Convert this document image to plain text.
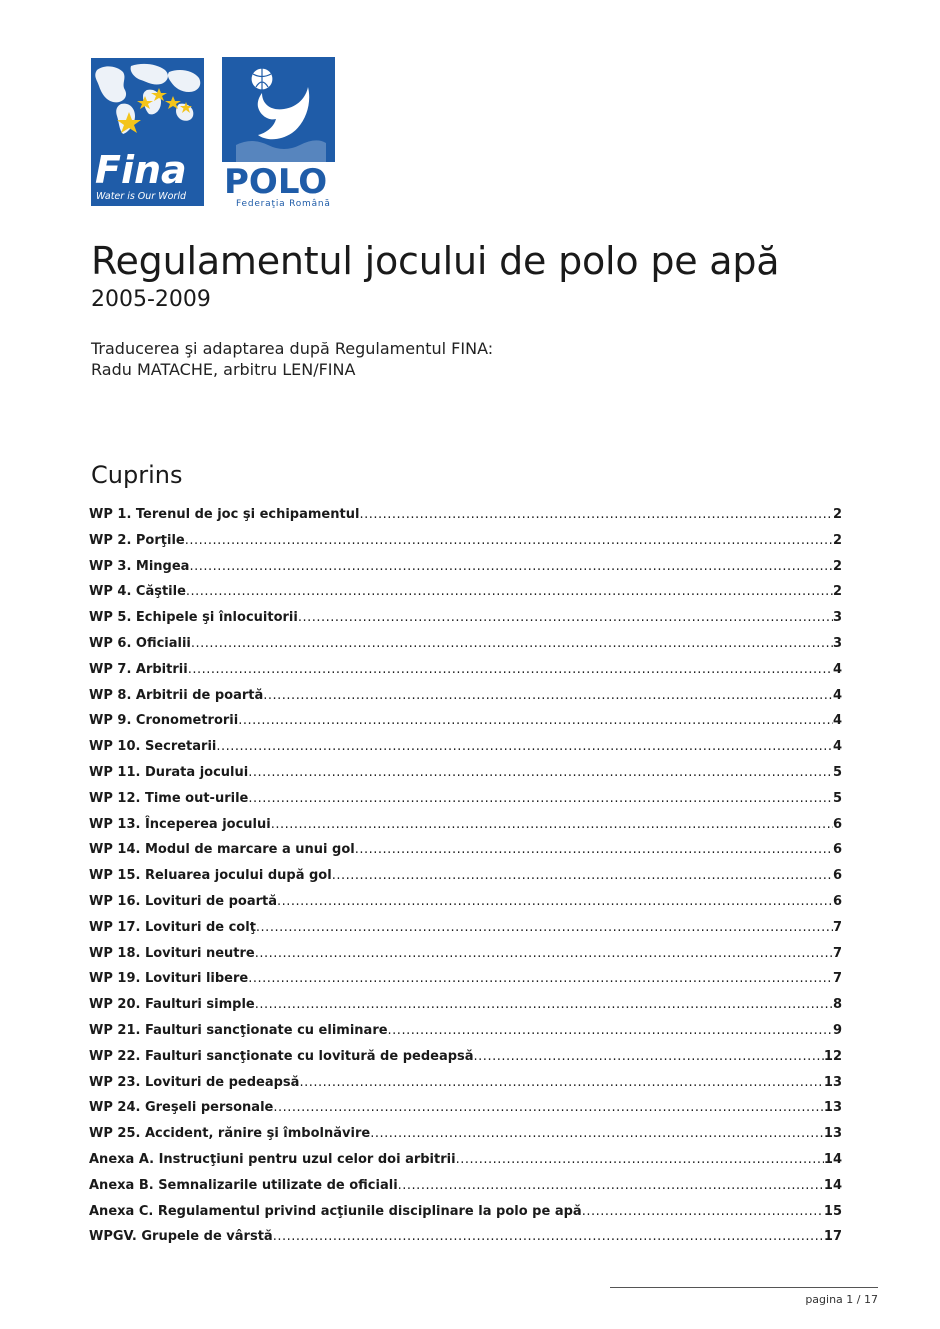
Fina
Water is Our World POLO
Federaţia Română
Regulamentul jocului de polo pe apă
2005-2009
Traducerea şi adaptarea după Regulamentul FINA:
Radu MATACHE, arbitru LEN/FINA
Cuprins
WP 1. Terenul de joc şi echipamentul .....	2
WP 2. Porţile .....	2
WP 3. Mingea .....	2
WP 4. Căştile .....	2
WP 5. Echipele şi înlocuitorii .....	3
WP 6. Oficialii .....	3
WP 7. Arbitrii .....	4
WP 8. Arbitrii de poartă .....	4
WP 9. Cronometrorii .....	4
WP 10. Secretarii .....	4
WP 11. Durata jocului .....	5
WP 12. Time out-urile .....	5
WP 13. Începerea jocului .....	6
WP 14. Modul de marcare a unui gol .....	6
WP 15. Reluarea jocului după gol .....	6
WP 16. Lovituri de poartă .....	6
WP 17. Lovituri de colţ .....	7
WP 18. Lovituri neutre .....	7
WP 19. Lovituri libere .....	7
WP 20. Faulturi simple .....	8
WP 21. Faulturi sancţionate cu eliminare .....	9
WP 22. Faulturi sancţionate cu lovitură de pedeapsă .....	12
WP 23. Lovituri de pedeapsă .....	13
WP 24. Greşeli personale .....	13
WP 25. Accident, rănire şi îmbolnăvire .....	13
Anexa A. Instrucţiuni pentru uzul celor doi arbitrii .....	14
Anexa B. Semnalizarile utilizate de oficiali .....	14
Anexa C. Regulamentul privind acţiunile disciplinare la polo pe apă .....	15
WPGV. Grupele de vârstă .....	17
pagina 1 / 17
